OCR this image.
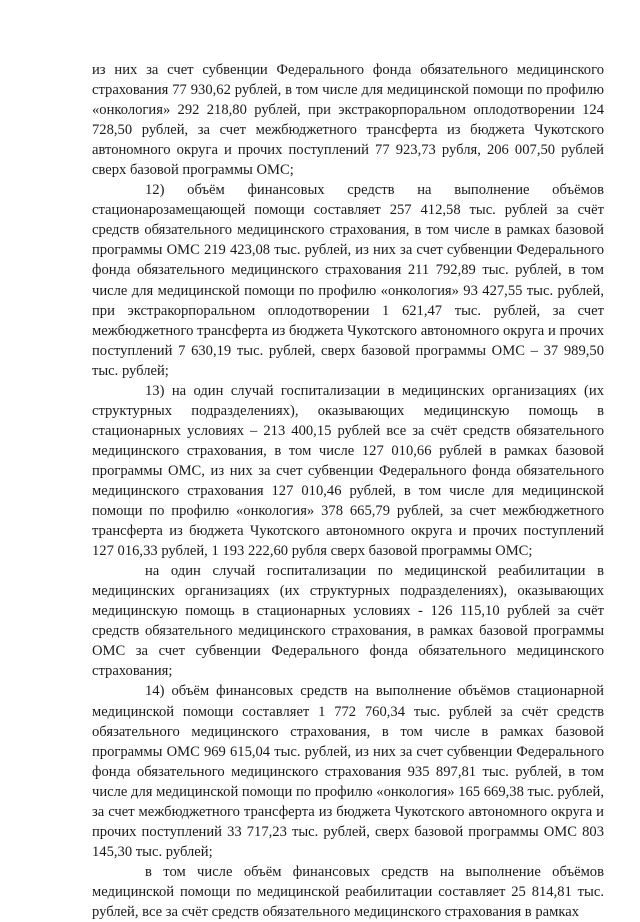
из них за счет субвенции Федерального фонда обязательного медицинского страхования 77 930,62 рублей, в том числе для медицинской помощи по профилю «онкология» 292 218,80 рублей, при экстракорпоральном оплодотворении 124 728,50 рублей, за счет межбюджетного трансферта из бюджета Чукотского автономного округа и прочих поступлений 77 923,73 рубля, 206 007,50 рублей сверх базовой программы ОМС;

12) объём финансовых средств на выполнение объёмов стационарозамещающей помощи составляет 257 412,58 тыс. рублей за счёт средств обязательного медицинского страхования, в том числе в рамках базовой программы ОМС 219 423,08 тыс. рублей, из них за счет субвенции Федерального фонда обязательного медицинского страхования 211 792,89 тыс. рублей, в том числе для медицинской помощи по профилю «онкология» 93 427,55 тыс. рублей, при экстракорпоральном оплодотворении 1 621,47 тыс. рублей, за счет межбюджетного трансферта из бюджета Чукотского автономного округа и прочих поступлений 7 630,19 тыс. рублей, сверх базовой программы ОМС – 37 989,50 тыс. рублей;

13) на один случай госпитализации в медицинских организациях (их структурных подразделениях), оказывающих медицинскую помощь в стационарных условиях – 213 400,15 рублей все за счёт средств обязательного медицинского страхования, в том числе 127 010,66 рублей в рамках базовой программы ОМС, из них за счет субвенции Федерального фонда обязательного медицинского страхования 127 010,46 рублей, в том числе для медицинской помощи по профилю «онкология» 378 665,79 рублей, за счет межбюджетного трансферта из бюджета Чукотского автономного округа и прочих поступлений 127 016,33 рублей, 1 193 222,60 рубля сверх базовой программы ОМС;

на один случай госпитализации по медицинской реабилитации в медицинских организациях (их структурных подразделениях), оказывающих медицинскую помощь в стационарных условиях - 126 115,10 рублей за счёт средств обязательного медицинского страхования, в рамках базовой программы ОМС за счет субвенции Федерального фонда обязательного медицинского страхования;

14) объём финансовых средств на выполнение объёмов стационарной медицинской помощи составляет 1 772 760,34 тыс. рублей за счёт средств обязательного медицинского страхования, в том числе в рамках базовой программы ОМС 969 615,04 тыс. рублей, из них за счет субвенции Федерального фонда обязательного медицинского страхования 935 897,81 тыс. рублей, в том числе для медицинской помощи по профилю «онкология» 165 669,38 тыс. рублей, за счет межбюджетного трансферта из бюджета Чукотского автономного округа и прочих поступлений 33 717,23 тыс. рублей, сверх базовой программы ОМС 803 145,30 тыс. рублей;

в том числе объём финансовых средств на выполнение объёмов медицинской помощи по медицинской реабилитации составляет 25 814,81 тыс. рублей, все за счёт средств обязательного медицинского страхования в рамках
